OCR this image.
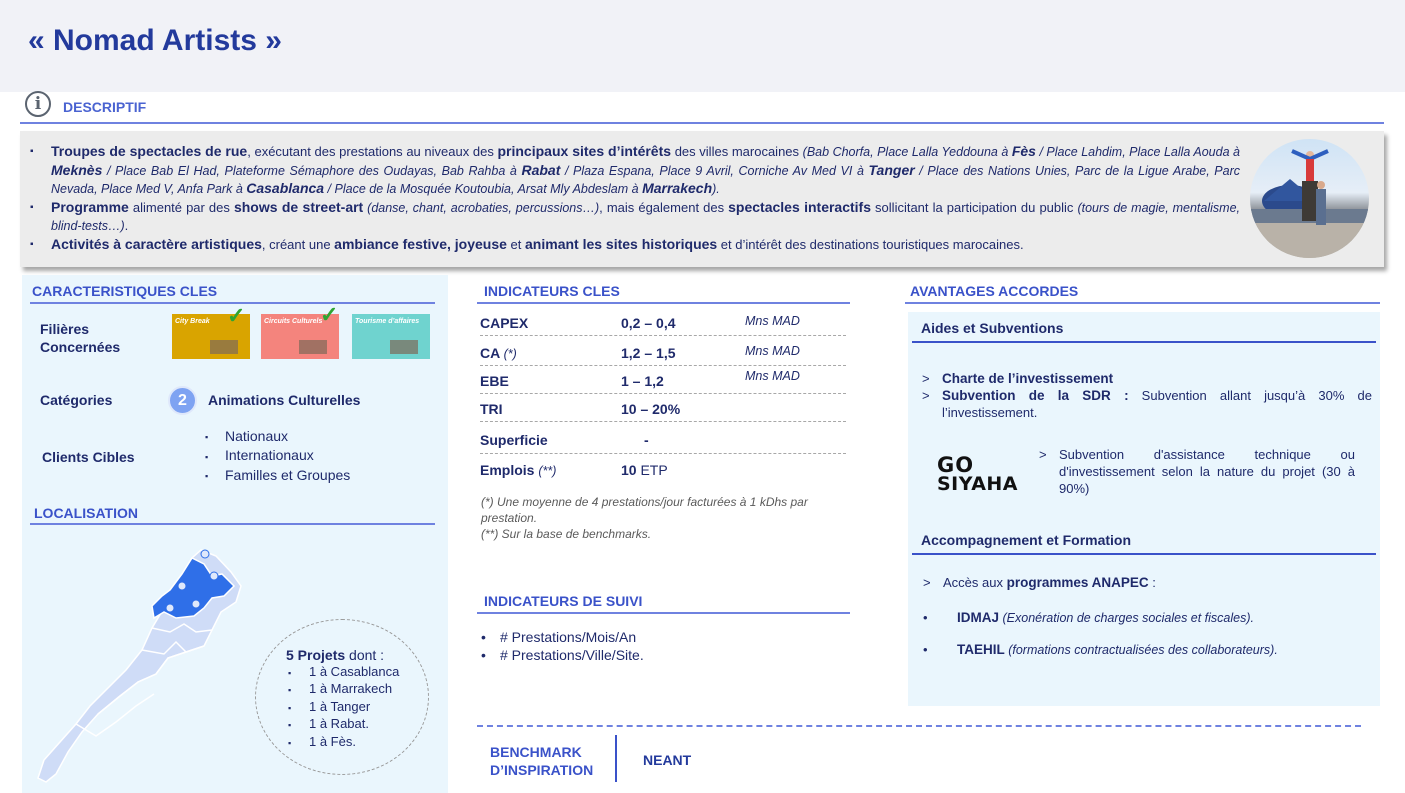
« Nomad Artists »
i	DESCRIPTIF
▪ Troupes de spectacles de rue, exécutant des prestations au niveaux des principaux sites d’intérêts des villes marocaines (Bab Chorfa, Place Lalla Yeddouna à Fès / Place Lahdim, Place Lalla Aouda à Meknès / Place Bab El Had, Plateforme Sémaphore des Oudayas, Bab Rahba à Rabat / Plaza Espana, Place 9 Avril, Corniche Av Med VI à Tanger / Place des Nations Unies, Parc de la Ligue Arabe, Parc Nevada, Place Med V, Anfa Park à Casablanca / Place de la Mosquée Koutoubia, Arsat Mly Abdeslam à Marrakech).
▪ Programme alimenté par des shows de street-art (danse, chant, acrobaties, percussions…), mais également des spectacles interactifs sollicitant la participation du public (tours de magie, mentalisme, blind-tests…).
▪ Activités à caractère artistiques, créant une ambiance festive, joyeuse et animant les sites historiques et d’intérêt des destinations touristiques marocaines.
CARACTERISTIQUES CLES
Filières Concernées
City Break ✓	Circuits Culturels
✓	Tourisme d’affaires
Catégories	2	Animations Culturelles
Clients Cibles
▪ Nationaux
▪ Internationaux
▪ Familles et Groupes
LOCALISATION
5 Projets dont :
▪ 1 à Casablanca
▪ 1 à Marrakech
▪ 1 à Tanger
▪ 1 à Rabat.
▪ 1 à Fès.
INDICATEURS CLES
CAPEX	0,2 – 0,4	Mns MAD
CA (*)	1,2 – 1,5	Mns MAD
EBE	1 – 1,2	Mns MAD
TRI	10 – 20%
Superficie	-
Emplois (**)	10 ETP
(*) Une moyenne de 4 prestations/jour facturées à 1 kDhs par prestation.
(**) Sur la base de benchmarks.
INDICATEURS DE SUIVI
• # Prestations/Mois/An
• # Prestations/Ville/Site.
AVANTAGES ACCORDES
Aides et Subventions
> Charte de l’investissement
> Subvention de la SDR : Subvention allant jusqu’à 30% de l’investissement.
GO
SIYAHA
> Subvention d'assistance technique ou d'investissement selon la nature du projet (30 à 90%)
Accompagnement et Formation
> Accès aux programmes ANAPEC :
• IDMAJ (Exonération de charges sociales et fiscales).
• TAEHIL (formations contractualisées des collaborateurs).
BENCHMARK
D’INSPIRATION
NEANT
